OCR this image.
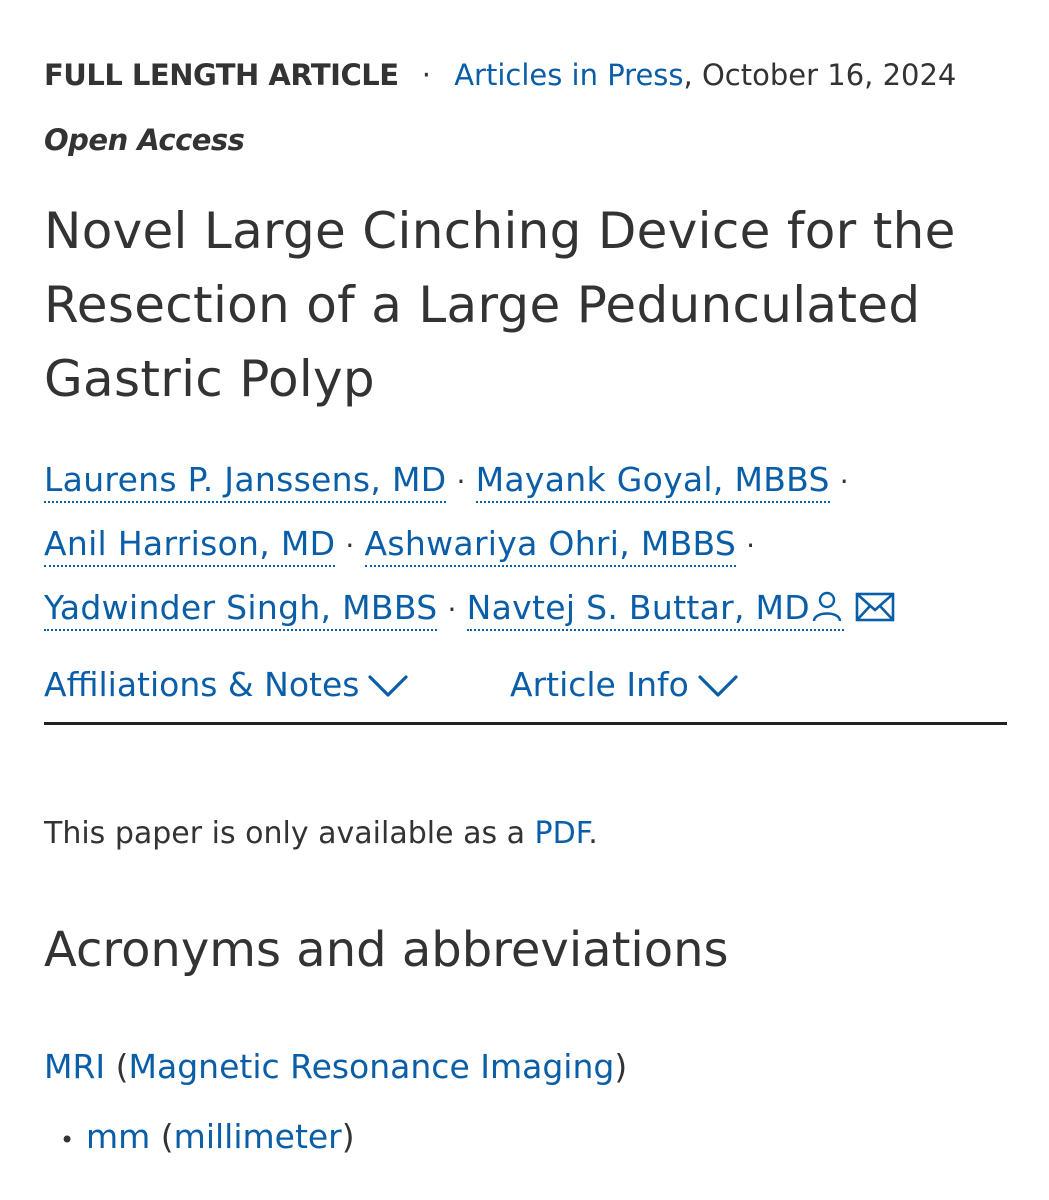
FULL LENGTH ARTICLE · Articles in Press, October 16, 2024
Open Access
Novel Large Cinching Device for the Resection of a Large Pedunculated Gastric Polyp
Laurens P. Janssens, MD · Mayank Goyal, MBBS ·
Anil Harrison, MD · Ashwariya Ohri, MBBS ·
Yadwinder Singh, MBBS · Navtej S. Buttar, MD
Affiliations & Notes	Article Info
This paper is only available as a PDF.
Acronyms and abbreviations
MRI (Magnetic Resonance Imaging)
• mm (millimeter)
